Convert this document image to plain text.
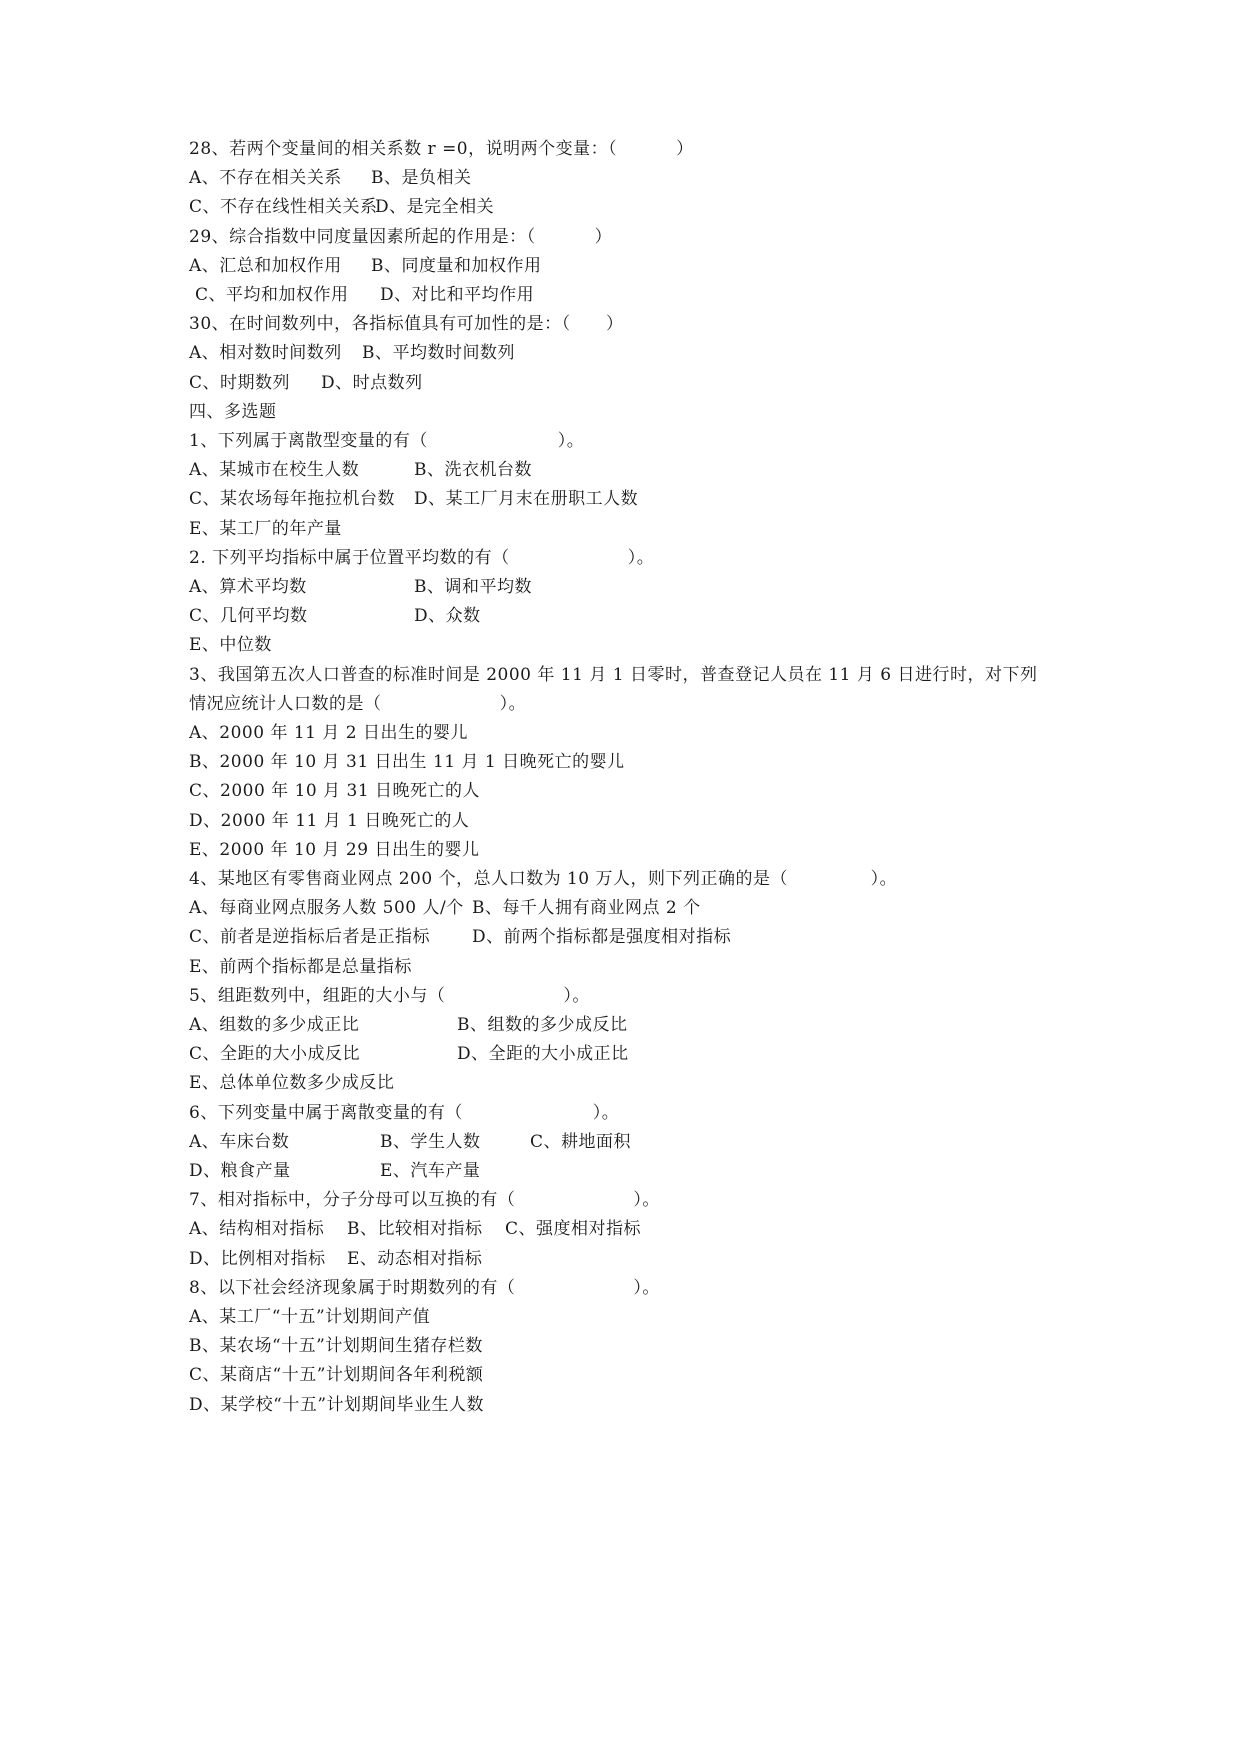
28、若两个变量间的相关系数 r =0，说明两个变量：（          ）
A、不存在相关关系 B、是负相关
C、不存在线性相关关系
D、是完全相关
29、综合指数中同度量因素所起的作用是：（          ）
A、汇总和加权作用 B、同度量和加权作用
C、平均和加权作用 D、对比和平均作用
30、在时间数列中，各指标值具有可加性的是：（      ）
A、相对数时间数列 B、平均数时间数列
C、时期数列 D、时点数列
四、多选题
1、下列属于离散型变量的有（                      ）。
A、某城市在校生人数	B、洗衣机台数
C、某农场每年拖拉机台数 D、某工厂月末在册职工人数
E、某工厂的年产量
2. 下列平均指标中属于位置平均数的有（                    ）。
A、算术平均数	B、调和平均数
C、几何平均数	D、众数
E、中位数
3、我国第五次人口普查的标准时间是 2000 年 11 月 1 日零时，普查登记人员在 11 月 6 日进行时，对下列
情况应统计人口数的是（                    ）。
A、2000 年 11 月 2 日出生的婴儿
B、2000 年 10 月 31 日出生 11 月 1 日晚死亡的婴儿
C、2000 年 10 月 31 日晚死亡的人
D、2000 年 11 月 1 日晚死亡的人
E、2000 年 10 月 29 日出生的婴儿
4、某地区有零售商业网点 200 个，总人口数为 10 万人，则下列正确的是（              ）。
A、每商业网点服务人数 500 人/个 B、每千人拥有商业网点 2 个
C、前者是逆指标后者是正指标 D、前两个指标都是强度相对指标
E、前两个指标都是总量指标
5、组距数列中，组距的大小与（                    ）。
A、组数的多少成正比	B、组数的多少成反比
C、全距的大小成反比	D、全距的大小成正比
E、总体单位数多少成反比
6、下列变量中属于离散变量的有（                      ）。
A、车床台数	B、学生人数	C、耕地面积
D、粮食产量	E、汽车产量
7、相对指标中，分子分母可以互换的有（                    ）。
A、结构相对指标 B、比较相对指标 C、强度相对指标
D、比例相对指标 E、动态相对指标
8、以下社会经济现象属于时期数列的有（                    ）。
A、某工厂“十五”计划期间产值
B、某农场“十五”计划期间生猪存栏数
C、某商店“十五”计划期间各年利税额
D、某学校“十五”计划期间毕业生人数
